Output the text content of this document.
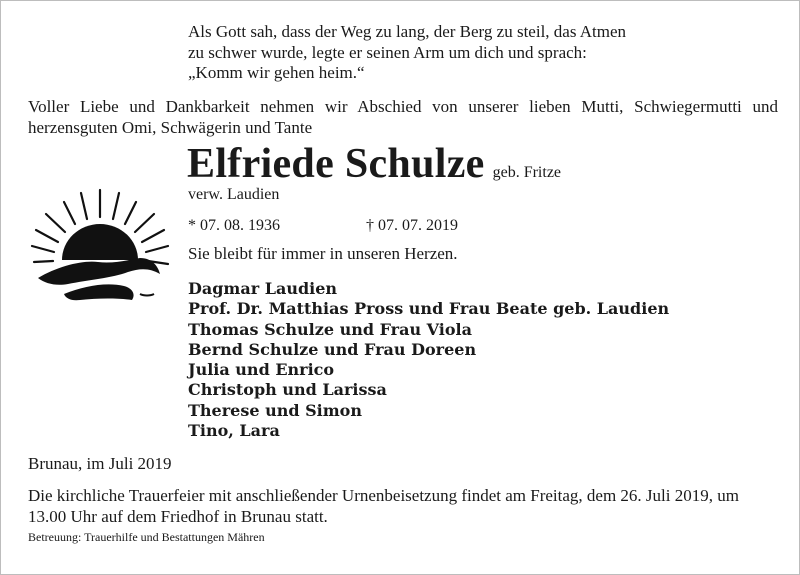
Als Gott sah, dass der Weg zu lang, der Berg zu steil, das Atmen
zu schwer wurde, legte er seinen Arm um dich und sprach:
„Komm wir gehen heim.“
Voller Liebe und Dankbarkeit nehmen wir Abschied von unserer lieben Mutti, Schwiegermutti und herzensguten Omi, Schwägerin und Tante
Elfriede Schulze geb. Fritze
verw. Laudien
* 07. 08. 1936	† 07. 07. 2019
Sie bleibt für immer in unseren Herzen.
Dagmar Laudien
Prof. Dr. Matthias Pross und Frau Beate geb. Laudien
Thomas Schulze und Frau Viola
Bernd Schulze und Frau Doreen
Julia und Enrico
Christoph und Larissa
Therese und Simon
Tino, Lara
Brunau, im Juli 2019
Die kirchliche Trauerfeier mit anschließender Urnenbeisetzung findet am Freitag, dem 26. Juli 2019, um 13.00 Uhr auf dem Friedhof in Brunau statt.
Betreuung: Trauerhilfe und Bestattungen Mähren
